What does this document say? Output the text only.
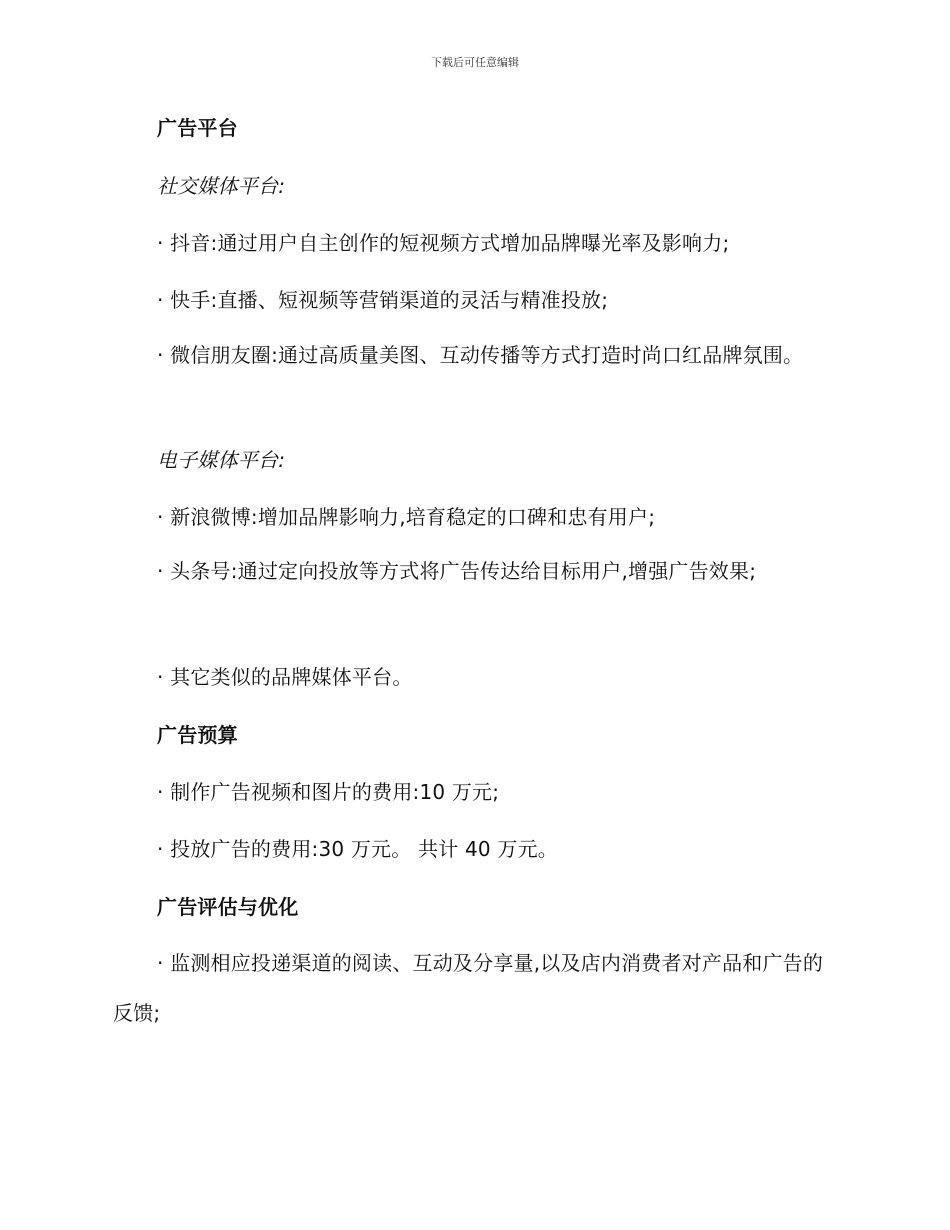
下载后可任意编辑
广告平台
社交媒体平台:
· 抖音:通过用户自主创作的短视频方式增加品牌曝光率及影响力;
· 快手:直播、短视频等营销渠道的灵活与精准投放;
· 微信朋友圈:通过高质量美图、互动传播等方式打造时尚口红品牌氛围。
电子媒体平台:
· 新浪微博:增加品牌影响力,培育稳定的口碑和忠有用户;
· 头条号:通过定向投放等方式将广告传达给目标用户,增强广告效果;
· 其它类似的品牌媒体平台。
广告预算
· 制作广告视频和图片的费用:10 万元;
· 投放广告的费用:30 万元。 共计 40 万元。
广告评估与优化
· 监测相应投递渠道的阅读、互动及分享量,以及店内消费者对产品和广告的反馈;
